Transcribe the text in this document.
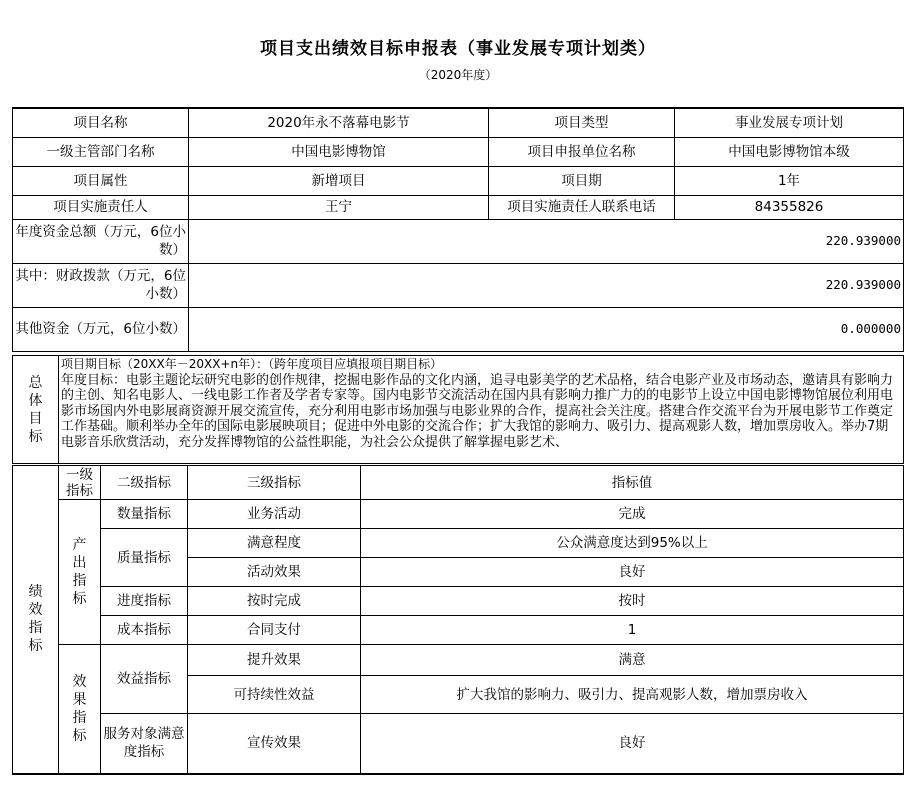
项目支出绩效目标申报表（事业发展专项计划类）
（2020年度）
项目名称	2020年永不落幕电影节	项目类型	事业发展专项计划
一级主管部门名称	中国电影博物馆	项目申报单位名称	中国电影博物馆本级
项目属性	新增项目	项目期	1年
项目实施责任人	王宁	项目实施责任人联系电话	84355826
年度资金总额（万元，6位小数）	220.939000		
其中：财政拨款（万元，6位小数）	220.939000		
其他资金（万元，6位小数）	0.000000		
总体目标

项目期目标（20XX年－20XX+n年）：（跨年度项目应填报项目期目标）
年度目标：电影主题论坛研究电影的创作规律，挖掘电影作品的文化内涵，追寻电影美学的艺术品格，结合电影产业及市场动态，邀请具有影响力的主创、知名电影人、一线电影工作者及学者专家等。国内电影节交流活动在国内具有影响力推广力的的电影节上设立中国电影博物馆展位利用电影市场国内外电影展商资源开展交流宣传，充分利用电影市场加强与电影业界的合作，提高社会关注度。搭建合作交流平台为开展电影节工作奠定工作基础。顺利举办全年的国际电影展映项目；促进中外电影的交流合作；扩大我馆的影响力、吸引力、提高观影人数，增加票房收入。举办7期电影音乐欣赏活动，充分发挥博物馆的公益性职能，为社会公众提供了解掌握电影艺术、
绩效指标	一级指标	二级指标	三级指标	指标值

	产出指标	数量指标	业务活动	完成
		质量指标	满意程度	公众满意度达到95%以上
			活动效果	良好
		进度指标	按时完成	按时
		成本指标	合同支付	1

	效果指标	效益指标	提升效果	满意
			可持续性效益	扩大我馆的影响力、吸引力、提高观影人数，增加票房收入
		服务对象满意度指标	宣传效果	良好
